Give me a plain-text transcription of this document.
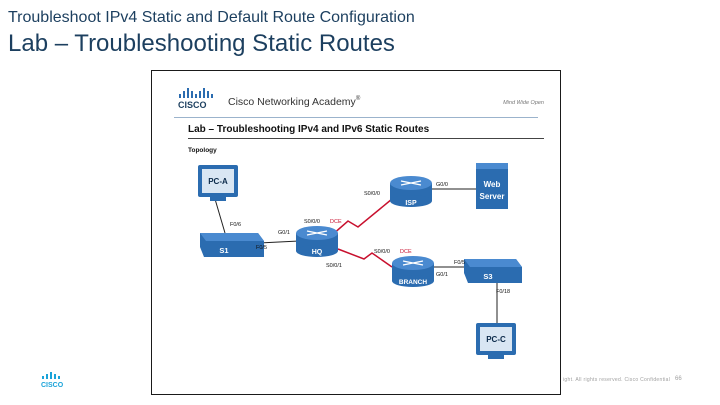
Troubleshoot IPv4 Static and Default Route Configuration
Lab – Troubleshooting Static Routes
CISCO Cisco Networking Academy®
Mind Wide Open
Lab – Troubleshooting IPv4 and IPv6 Static Routes
Topology
PC-A
S1	HQ
ISP
Web
Server
BRANCH
S3
PC-C
F0/6
F0/5
G0/1
S0/0/0 DCE
S0/0/1
S0/0/0
G0/0
S0/0/0 DCE
G0/1
F0/5
F0/18
CISCO
ight. All rights reserved. Cisco Confidential 66
